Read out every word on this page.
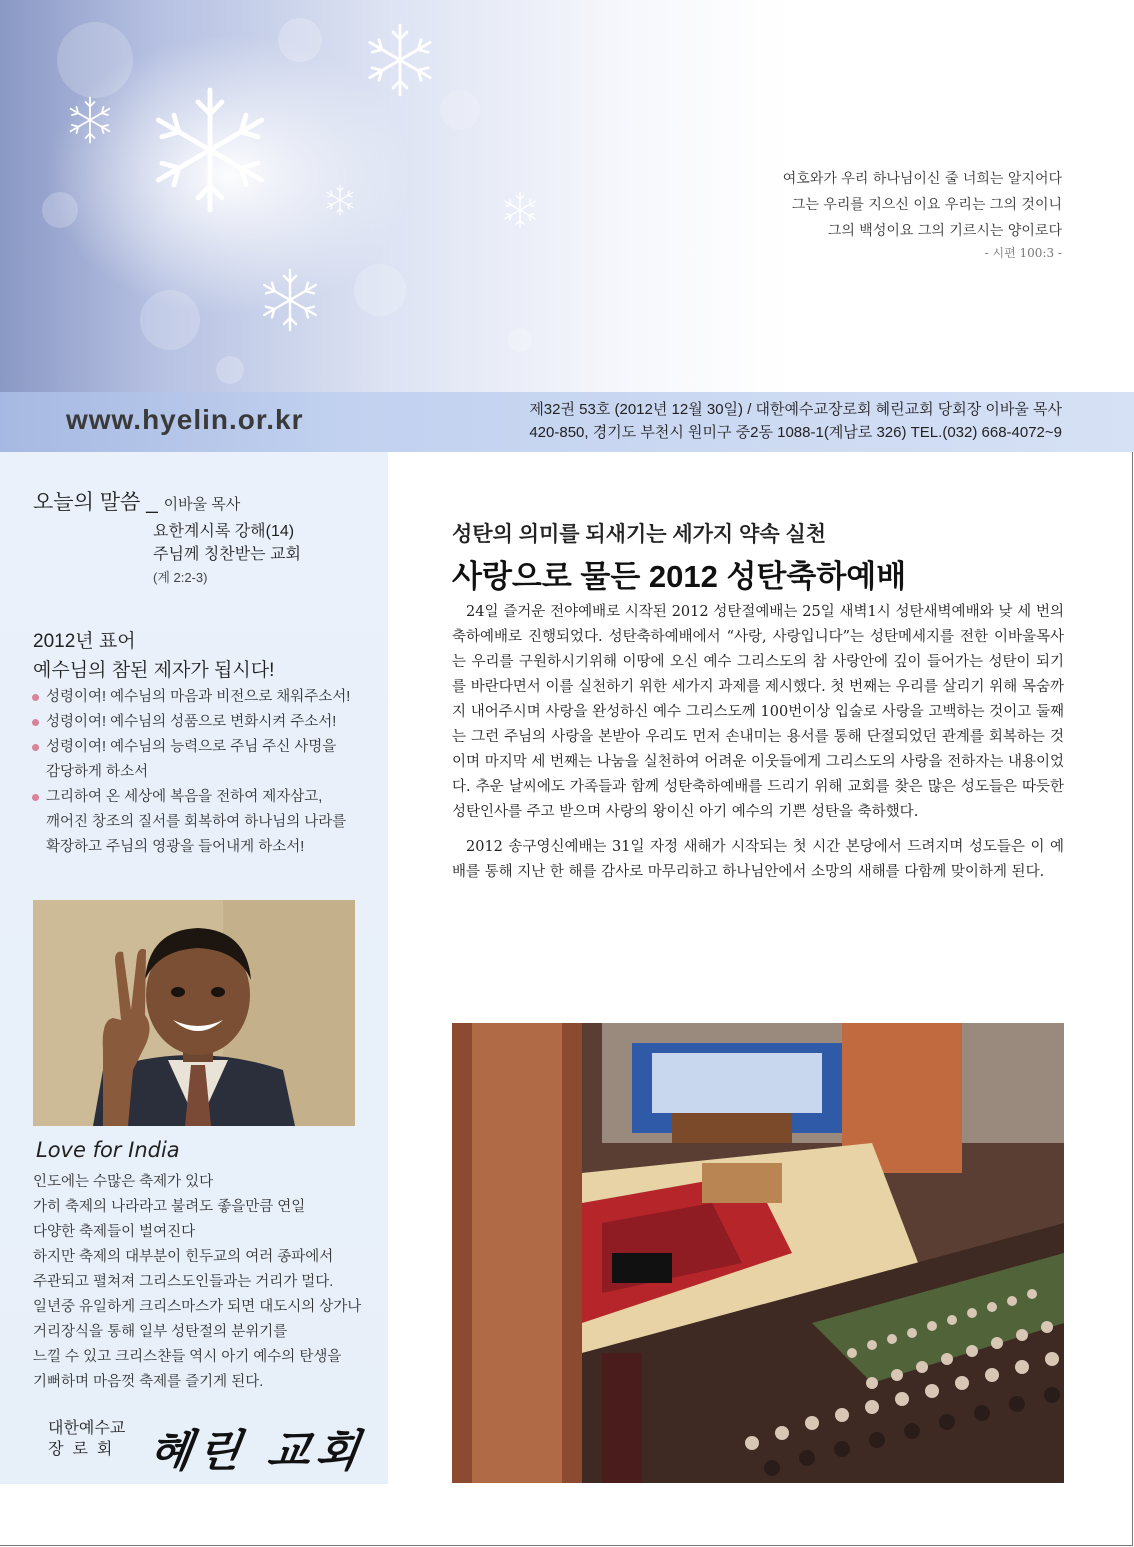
여호와가 우리 하나님이신 줄 너희는 알지어다
그는 우리를 지으신 이요 우리는 그의 것이니
그의 백성이요 그의 기르시는 양이로다
- 시편 100:3 -
www.hyelin.or.kr	제32권 53호 (2012년 12월 30일) / 대한예수교장로회 혜린교회 당회장 이바울 목사
420-850, 경기도 부천시 원미구 중2동 1088-1(계남로 326) TEL.(032) 668-4072~9
오늘의 말씀 _ 이바울 목사
요한계시록 강해(14)
주님께 칭찬받는 교회
(계 2:2-3)
2012년 표어
예수님의 참된 제자가 됩시다!
성령이여! 예수님의 마음과 비전으로 채워주소서!
성령이여! 예수님의 성품으로 변화시켜 주소서!
성령이여! 예수님의 능력으로 주님 주신 사명을
감당하게 하소서
그리하여 온 세상에 복음을 전하여 제자삼고,
깨어진 창조의 질서를 회복하여 하나님의 나라를
확장하고 주님의 영광을 들어내게 하소서!
Love for India
인도에는 수많은 축제가 있다
가히 축제의 나라라고 불려도 좋을만큼 연일
다양한 축제들이 벌여진다
하지만 축제의 대부분이 힌두교의 여러 종파에서
주관되고 펼쳐져 그리스도인들과는 거리가 멀다.
일년중 유일하게 크리스마스가 되면 대도시의 상가나
거리장식을 통해 일부 성탄절의 분위기를
느낄 수 있고 크리스챤들 역시 아기 예수의 탄생을
기뻐하며 마음껏 축제를 즐기게 된다.
대한예수교
장로회 혜린 교회
성탄의 의미를 되새기는 세가지 약속 실천
사랑으로 물든 2012 성탄축하예배

24일 즐거운 전야예배로 시작된 2012 성탄절예배는 25일 새벽1시 성탄새벽예배와 낮 세 번의 축하예배로 진행되었다. 성탄축하예배에서 “사랑, 사랑입니다”는 성탄메세지를 전한 이바울목사는 우리를 구원하시기위해 이땅에 오신 예수 그리스도의 참 사랑안에 깊이 들어가는 성탄이 되기를 바란다면서 이를 실천하기 위한 세가지 과제를 제시했다. 첫 번째는 우리를 살리기 위해 목숨까지 내어주시며 사랑을 완성하신 예수 그리스도께 100번이상 입술로 사랑을 고백하는 것이고 둘째는 그런 주님의 사랑을 본받아 우리도 먼저 손내미는 용서를 통해 단절되었던 관계를 회복하는 것이며 마지막 세 번째는 나눔을 실천하여 어려운 이웃들에게 그리스도의 사랑을 전하자는 내용이었다. 추운 날씨에도 가족들과 함께 성탄축하예배를 드리기 위해 교회를 찾은 많은 성도들은 따듯한 성탄인사를 주고 받으며 사랑의 왕이신 아기 예수의 기쁜 성탄을 축하했다.

2012 송구영신예배는 31일 자정 새해가 시작되는 첫 시간 본당에서 드려지며 성도들은 이 예배를 통해 지난 한 해를 감사로 마무리하고 하나님안에서 소망의 새해를 다함께 맞이하게 된다.
